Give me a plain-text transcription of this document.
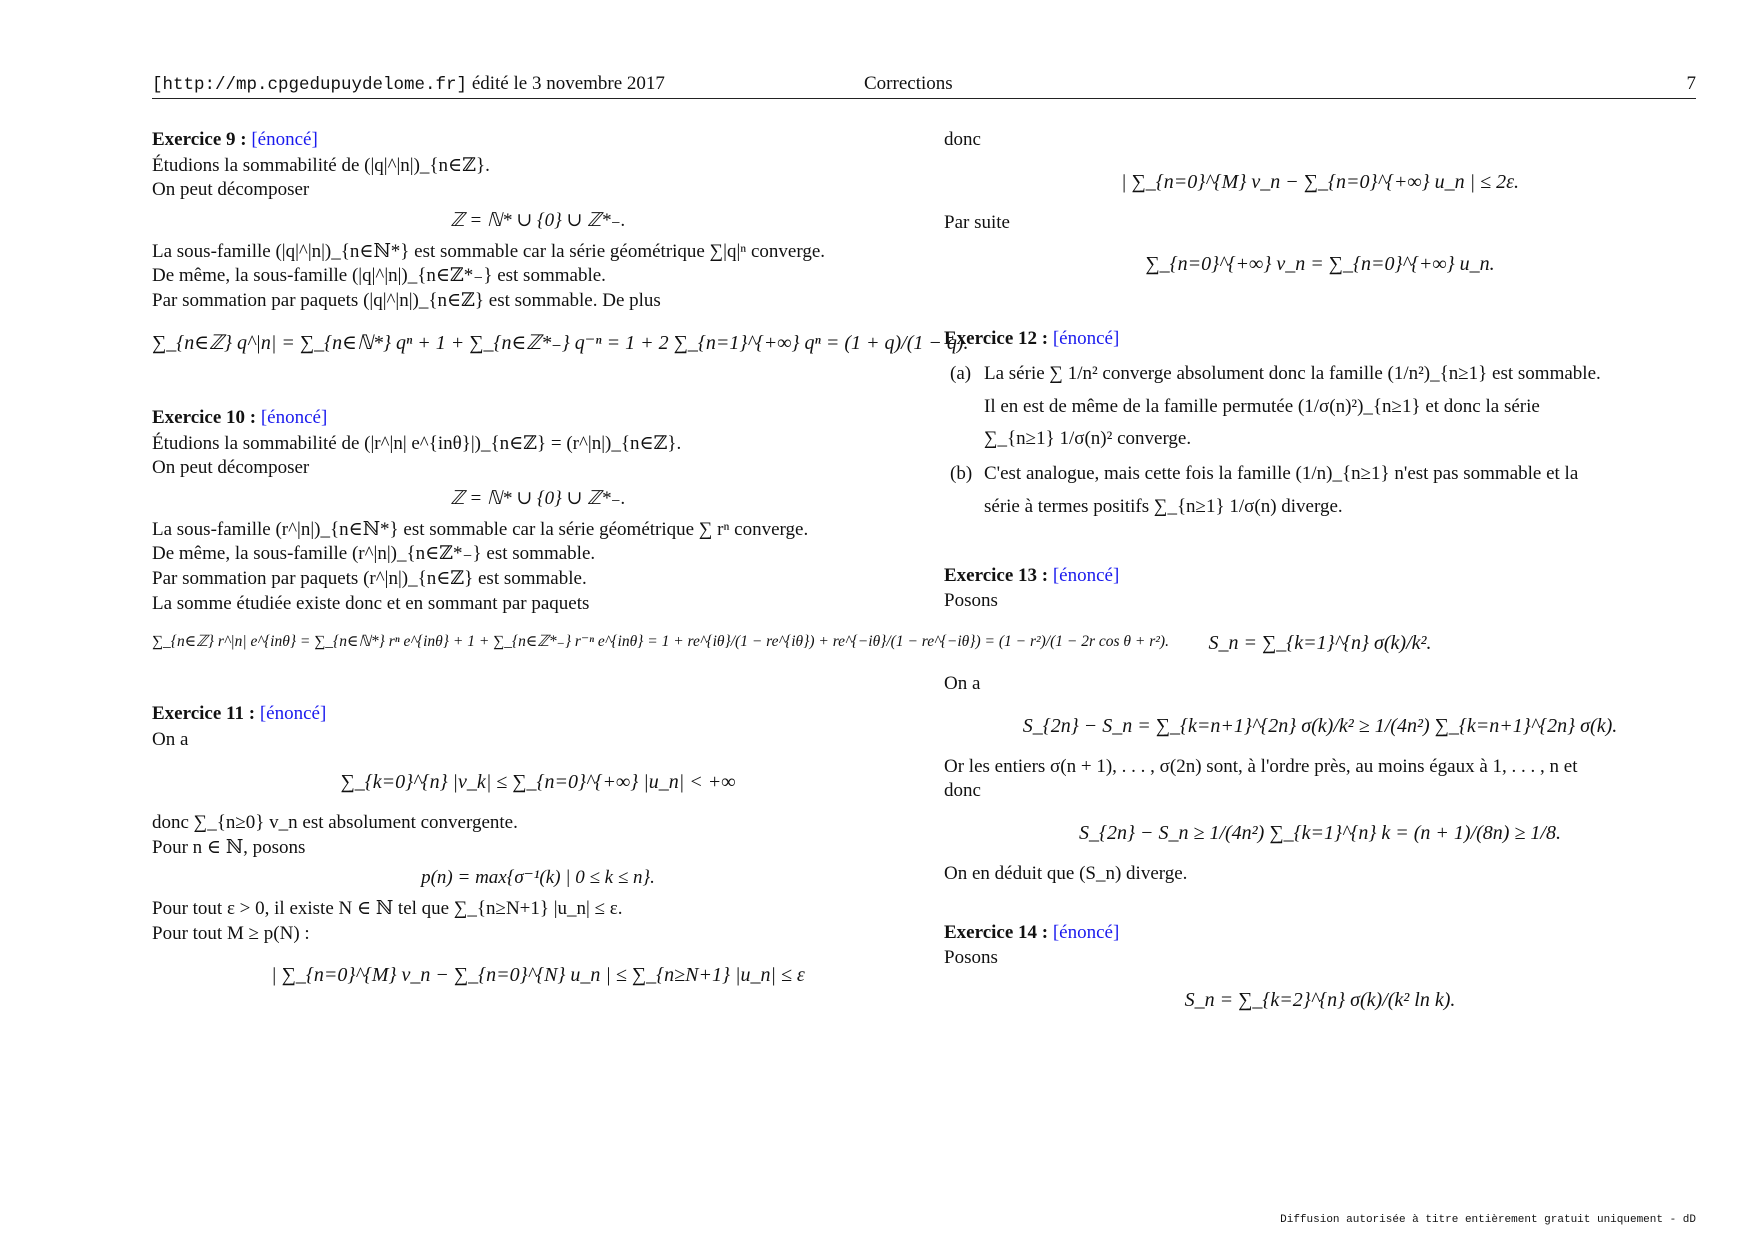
[http://mp.cpgedupuydelome.fr] édité le 3 novembre 2017	Corrections	7
Exercice 9 : [énoncé]

Étudions la sommabilité de (|q|^|n|)_{n∈ℤ}.

On peut décomposer

ℤ = ℕ* ∪ {0} ∪ ℤ*₋.

La sous-famille (|q|^|n|)_{n∈ℕ*} est sommable car la série géométrique ∑|q|ⁿ converge.

De même, la sous-famille (|q|^|n|)_{n∈ℤ*₋} est sommable.

Par sommation par paquets (|q|^|n|)_{n∈ℤ} est sommable. De plus

∑_{n∈ℤ} q^|n| = ∑_{n∈ℕ*} qⁿ + 1 + ∑_{n∈ℤ*₋} q⁻ⁿ = 1 + 2 ∑_{n=1}^{+∞} qⁿ = (1 + q)/(1 − q).
Exercice 10 : [énoncé]

Étudions la sommabilité de (|r^|n| e^{inθ}|)_{n∈ℤ} = (r^|n|)_{n∈ℤ}.

On peut décomposer

ℤ = ℕ* ∪ {0} ∪ ℤ*₋.

La sous-famille (r^|n|)_{n∈ℕ*} est sommable car la série géométrique ∑ rⁿ converge.

De même, la sous-famille (r^|n|)_{n∈ℤ*₋} est sommable.

Par sommation par paquets (r^|n|)_{n∈ℤ} est sommable.

La somme étudiée existe donc et en sommant par paquets

∑_{n∈ℤ} r^|n| e^{inθ} = ∑_{n∈ℕ*} rⁿ e^{inθ} + 1 + ∑_{n∈ℤ*₋} r⁻ⁿ e^{inθ} = 1 + re^{iθ}/(1 − re^{iθ}) + re^{−iθ}/(1 − re^{−iθ}) = (1 − r²)/(1 − 2r cos θ + r²).
Exercice 11 : [énoncé]

On a

∑_{k=0}^{n} |v_k| ≤ ∑_{n=0}^{+∞} |u_n| < +∞

donc ∑_{n≥0} v_n est absolument convergente.

Pour n ∈ ℕ, posons

p(n) = max{σ⁻¹(k) | 0 ≤ k ≤ n}.

Pour tout ε > 0, il existe N ∈ ℕ tel que ∑_{n≥N+1} |u_n| ≤ ε.

Pour tout M ≥ p(N) :

| ∑_{n=0}^{M} v_n − ∑_{n=0}^{N} u_n | ≤ ∑_{n≥N+1} |u_n| ≤ ε

donc

| ∑_{n=0}^{M} v_n − ∑_{n=0}^{+∞} u_n | ≤ 2ε.

Par suite

∑_{n=0}^{+∞} v_n = ∑_{n=0}^{+∞} u_n.
Exercice 12 : [énoncé]
(a) La série ∑ 1/n² converge absolument donc la famille (1/n²)_{n≥1} est sommable.

Il en est de même de la famille permutée (1/σ(n)²)_{n≥1} et donc la série

∑_{n≥1} 1/σ(n)² converge.

(b) C'est analogue, mais cette fois la famille (1/n)_{n≥1} n'est pas sommable et la

série à termes positifs ∑_{n≥1} 1/σ(n) diverge.

Exercice 13 : [énoncé]

Posons

S_n = ∑_{k=1}^{n} σ(k)/k².

On a

S_{2n} − S_n = ∑_{k=n+1}^{2n} σ(k)/k² ≥ 1/(4n²) ∑_{k=n+1}^{2n} σ(k).

Or les entiers σ(n + 1), . . . , σ(2n) sont, à l'ordre près, au moins égaux à 1, . . . , n et

donc

S_{2n} − S_n ≥ 1/(4n²) ∑_{k=1}^{n} k = (n + 1)/(8n) ≥ 1/8.

On en déduit que (S_n) diverge.

Exercice 14 : [énoncé]

Posons

S_n = ∑_{k=2}^{n} σ(k)/(k² ln k).
Diffusion autorisée à titre entièrement gratuit uniquement - dD
